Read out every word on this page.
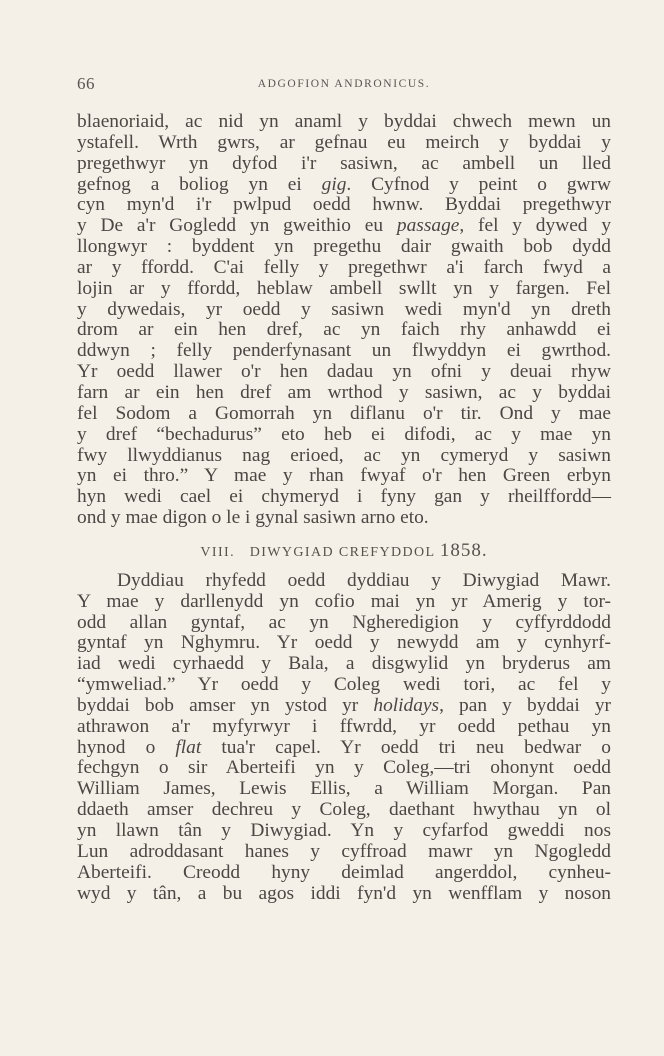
66	ADGOFION ANDRONICUS.
blaenoriaid, ac nid yn anaml y byddai chwech mewn un
ystafell. Wrth gwrs, ar gefnau eu meirch y byddai y
pregethwyr yn dyfod i'r sasiwn, ac ambell un lled
gefnog a boliog yn ei gig. Cyfnod y peint o gwrw
cyn myn'd i'r pwlpud oedd hwnw. Byddai pregethwyr
y De a'r Gogledd yn gweithio eu passage, fel y dywed y
llongwyr : byddent yn pregethu dair gwaith bob dydd
ar y ffordd. C'ai felly y pregethwr a'i farch fwyd a
lojin ar y ffordd, heblaw ambell swllt yn y fargen. Fel
y dywedais, yr oedd y sasiwn wedi myn'd yn dreth
drom ar ein hen dref, ac yn faich rhy anhawdd ei
ddwyn ; felly penderfynasant un flwyddyn ei gwrthod.
Yr oedd llawer o'r hen dadau yn ofni y deuai rhyw
farn ar ein hen dref am wrthod y sasiwn, ac y byddai
fel Sodom a Gomorrah yn diflanu o'r tir. Ond y mae
y dref “bechadurus” eto heb ei difodi, ac y mae yn
fwy llwyddianus nag erioed, ac yn cymeryd y sasiwn
yn ei thro.” Y mae y rhan fwyaf o'r hen Green erbyn
hyn wedi cael ei chymeryd i fyny gan y rheilffordd—
ond y mae digon o le i gynal sasiwn arno eto.
VIII. DIWYGIAD CREFYDDOL 1858.
Dyddiau rhyfedd oedd dyddiau y Diwygiad Mawr.
Y mae y darllenydd yn cofio mai yn yr Amerig y tor-
odd allan gyntaf, ac yn Ngheredigion y cyffyrddodd
gyntaf yn Nghymru. Yr oedd y newydd am y cynhyrf-
iad wedi cyrhaedd y Bala, a disgwylid yn bryderus am
“ymweliad.” Yr oedd y Coleg wedi tori, ac fel y
byddai bob amser yn ystod yr holidays, pan y byddai yr
athrawon a'r myfyrwyr i ffwrdd, yr oedd pethau yn
hynod o flat tua'r capel. Yr oedd tri neu bedwar o
fechgyn o sir Aberteifi yn y Coleg,—tri ohonynt oedd
William James, Lewis Ellis, a William Morgan. Pan
ddaeth amser dechreu y Coleg, daethant hwythau yn ol
yn llawn tân y Diwygiad. Yn y cyfarfod gweddi nos
Lun adroddasant hanes y cyffroad mawr yn Ngogledd
Aberteifi. Creodd hyny deimlad angerddol, cynheu-
wyd y tân, a bu agos iddi fyn'd yn wenfflam y noson
